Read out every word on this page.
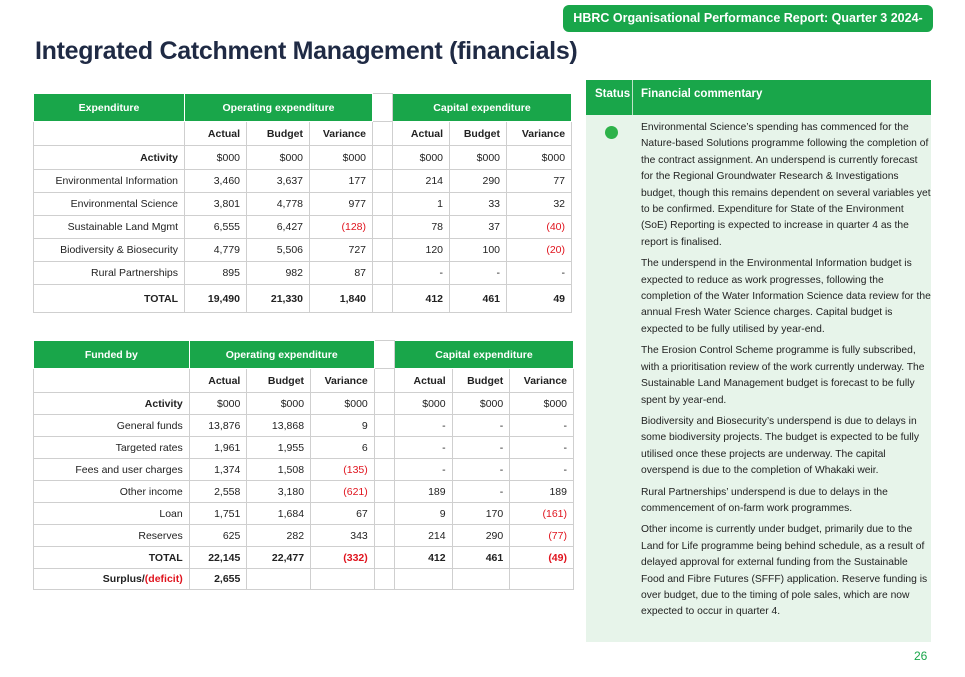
HBRC Organisational Performance Report: Quarter 3 2024-2025
Integrated Catchment Management (financials)
Expenditure	Operating expenditure				Capital expenditure		
	Actual	Budget	Variance		Actual	Budget	Variance
Activity	$000	$000	$000		$000	$000	$000
Environmental Information	3,460	3,637	177		214	290	77
Environmental Science	3,801	4,778	977		1	33	32
Sustainable Land Mgmt	6,555	6,427	(128)		78	37	(40)
Biodiversity & Biosecurity	4,779	5,506	727		120	100	(20)
Rural Partnerships	895	982	87		-	-	-
TOTAL	19,490	21,330	1,840		412	461	49
Funded by	Operating expenditure				Capital expenditure		
	Actual	Budget	Variance		Actual	Budget	Variance
Activity	$000	$000	$000		$000	$000	$000
General funds	13,876	13,868	9		-	-	-
Targeted rates	1,961	1,955	6		-	-	-
Fees and user charges	1,374	1,508	(135)		-	-	-
Other income	2,558	3,180	(621)		189	-	189
Loan	1,751	1,684	67		9	170	(161)
Reserves	625	282	343		214	290	(77)
TOTAL	22,145	22,477	(332)		412	461	(49)
Surplus/(deficit)	2,655						
Status Financial commentary

Environmental Science’s spending has commenced for the Nature-based Solutions programme following the completion of the contract assignment. An underspend is currently forecast for the Regional Groundwater Research & Investigations budget, though this remains dependent on several variables yet to be confirmed. Expenditure for State of the Environment (SoE) Reporting is expected to increase in quarter 4 as the report is finalised.

The underspend in the Environmental Information budget is expected to reduce as work progresses, following the completion of the Water Information Science data review for the annual Fresh Water Science charges. Capital budget is expected to be fully utilised by year-end.

The Erosion Control Scheme programme is fully subscribed, with a prioritisation review of the work currently underway. The Sustainable Land Management budget is forecast to be fully spent by year-end.

Biodiversity and Biosecurity’s underspend is due to delays in some biodiversity projects. The budget is expected to be fully utilised once these projects are underway. The capital overspend is due to the completion of Whakaki weir.

Rural Partnerships’ underspend is due to delays in the commencement of on-farm work programmes.

Other income is currently under budget, primarily due to the Land for Life programme being behind schedule, as a result of delayed approval for external funding from the Sustainable Food and Fibre Futures (SFFF) application. Reserve funding is over budget, due to the timing of pole sales, which are now expected to occur in quarter 4.

26
